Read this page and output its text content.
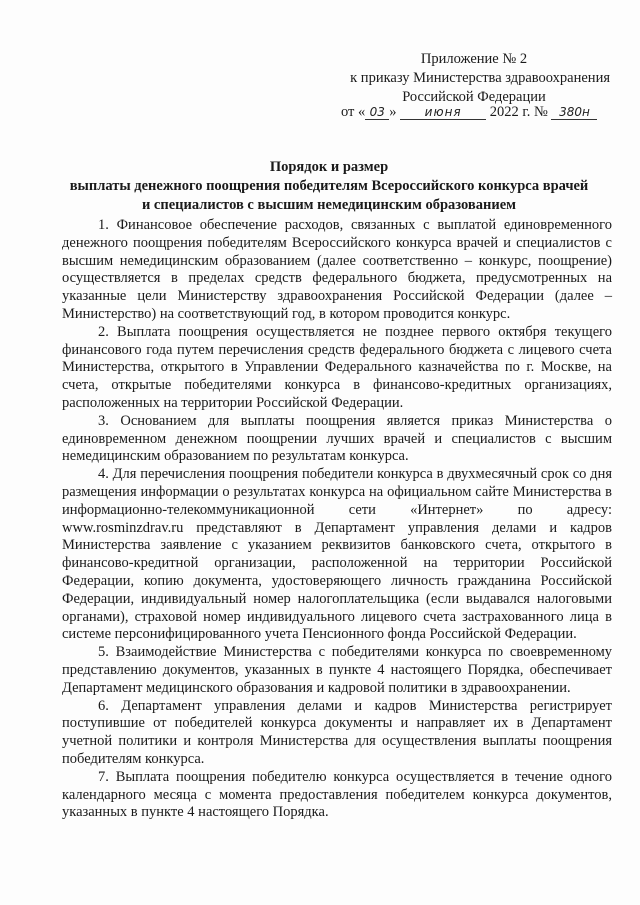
Приложение № 2
к приказу Министерства здравоохранения
Российской Федерации
от « 03 » июня 2022 г. № 380н
Порядок и размер
выплаты денежного поощрения победителям Всероссийского конкурса врачей
и специалистов с высшим немедицинским образованием

1. Финансовое обеспечение расходов, связанных с выплатой единовременного денежного поощрения победителям Всероссийского конкурса врачей и специалистов с высшим немедицинским образованием (далее соответственно – конкурс, поощрение) осуществляется в пределах средств федерального бюджета, предусмотренных на указанные цели Министерству здравоохранения Российской Федерации (далее – Министерство) на соответствующий год, в котором проводится конкурс.

2. Выплата поощрения осуществляется не позднее первого октября текущего финансового года путем перечисления средств федерального бюджета с лицевого счета Министерства, открытого в Управлении Федерального казначейства по г. Москве, на счета, открытые победителями конкурса в финансово-кредитных организациях, расположенных на территории Российской Федерации.

3. Основанием для выплаты поощрения является приказ Министерства о единовременном денежном поощрении лучших врачей и специалистов с высшим немедицинским образованием по результатам конкурса.

4. Для перечисления поощрения победители конкурса в двухмесячный срок со дня размещения информации о результатах конкурса на официальном сайте Министерства в информационно-телекоммуникационной сети «Интернет» по адресу: www.rosminzdrav.ru представляют в Департамент управления делами и кадров Министерства заявление с указанием реквизитов банковского счета, открытого в финансово-кредитной организации, расположенной на территории Российской Федерации, копию документа, удостоверяющего личность гражданина Российской Федерации, индивидуальный номер налогоплательщика (если выдавался налоговыми органами), страховой номер индивидуального лицевого счета застрахованного лица в системе персонифицированного учета Пенсионного фонда Российской Федерации.

5. Взаимодействие Министерства с победителями конкурса по своевременному представлению документов, указанных в пункте 4 настоящего Порядка, обеспечивает Департамент медицинского образования и кадровой политики в здравоохранении.

6. Департамент управления делами и кадров Министерства регистрирует поступившие от победителей конкурса документы и направляет их в Департамент учетной политики и контроля Министерства для осуществления выплаты поощрения победителям конкурса.

7. Выплата поощрения победителю конкурса осуществляется в течение одного календарного месяца с момента предоставления победителем конкурса документов, указанных в пункте 4 настоящего Порядка.
